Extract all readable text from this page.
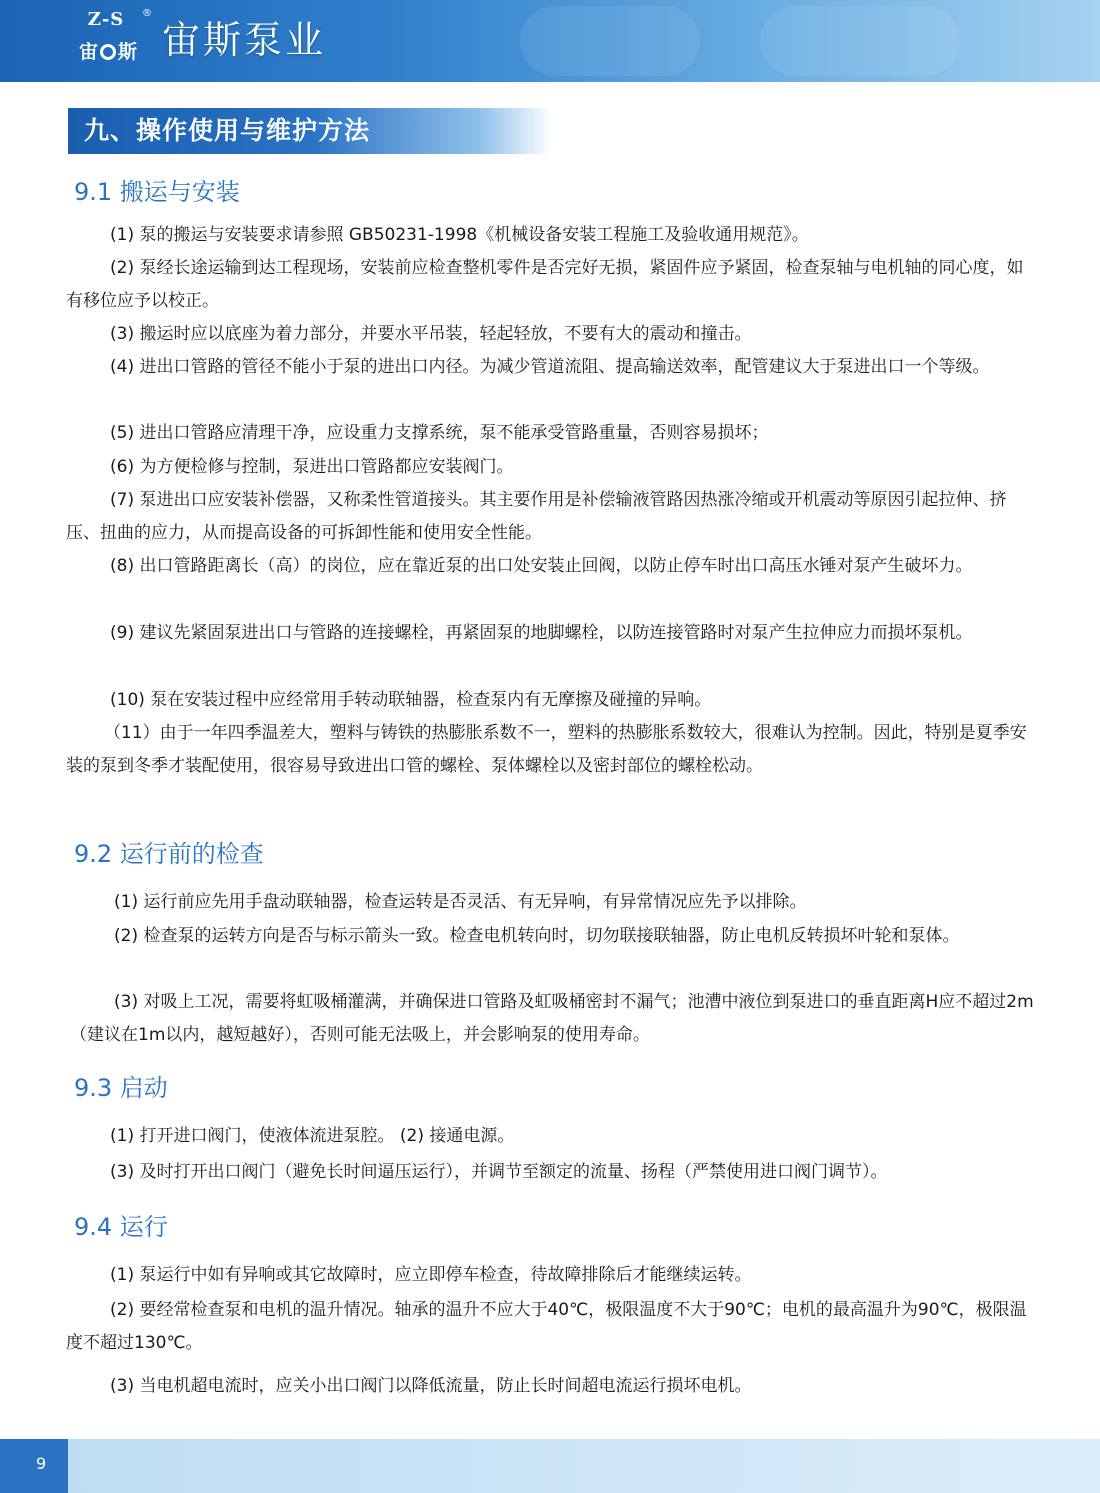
Z-S	®
宙 斯 宙斯泵业
九、操作使用与维护方法
9.1 搬运与安装

(1) 泵的搬运与安装要求请参照 GB50231-1998《机械设备安装工程施工及验收通用规范》。

(2) 泵经长途运输到达工程现场，安装前应检查整机零件是否完好无损，紧固件应予紧固，检查泵轴与电机轴的同心度，如有移位应予以校正。

(3) 搬运时应以底座为着力部分，并要水平吊装，轻起轻放，不要有大的震动和撞击。

(4) 进出口管路的管径不能小于泵的进出口内径。为减少管道流阻、提高输送效率，配管建议大于泵进出口一个等级。

(5) 进出口管路应清理干净，应设重力支撑系统，泵不能承受管路重量，否则容易损坏；

(6) 为方便检修与控制，泵进出口管路都应安装阀门。

(7) 泵进出口应安装补偿器，又称柔性管道接头。其主要作用是补偿输液管路因热涨冷缩或开机震动等原因引起拉伸、挤压、扭曲的应力，从而提高设备的可拆卸性能和使用安全性能。

(8) 出口管路距离长（高）的岗位，应在靠近泵的出口处安装止回阀，以防止停车时出口高压水锤对泵产生破坏力。

(9) 建议先紧固泵进出口与管路的连接螺栓，再紧固泵的地脚螺栓，以防连接管路时对泵产生拉伸应力而损坏泵机。

(10) 泵在安装过程中应经常用手转动联轴器，检查泵内有无摩擦及碰撞的异响。

（11）由于一年四季温差大，塑料与铸铁的热膨胀系数不一，塑料的热膨胀系数较大，很难认为控制。因此，特别是夏季安装的泵到冬季才装配使用，很容易导致进出口管的螺栓、泵体螺栓以及密封部位的螺栓松动。

9.2 运行前的检查

(1) 运行前应先用手盘动联轴器，检查运转是否灵活、有无异响，有异常情况应先予以排除。

(2) 检查泵的运转方向是否与标示箭头一致。检查电机转向时，切勿联接联轴器，防止电机反转损坏叶轮和泵体。

(3) 对吸上工况，需要将虹吸桶灌满，并确保进口管路及虹吸桶密封不漏气；池漕中液位到泵进口的垂直距离H应不超过2m（建议在1m以内，越短越好），否则可能无法吸上，并会影响泵的使用寿命。

9.3 启动

(1) 打开进口阀门，使液体流进泵腔。 (2) 接通电源。

(3) 及时打开出口阀门（避免长时间逼压运行），并调节至额定的流量、扬程（严禁使用进口阀门调节）。

9.4 运行

(1) 泵运行中如有异响或其它故障时，应立即停车检查，待故障排除后才能继续运转。

(2) 要经常检查泵和电机的温升情况。轴承的温升不应大于40℃，极限温度不大于90℃；电机的最高温升为90℃，极限温度不超过130℃。

(3) 当电机超电流时，应关小出口阀门以降低流量，防止长时间超电流运行损坏电机。

9
